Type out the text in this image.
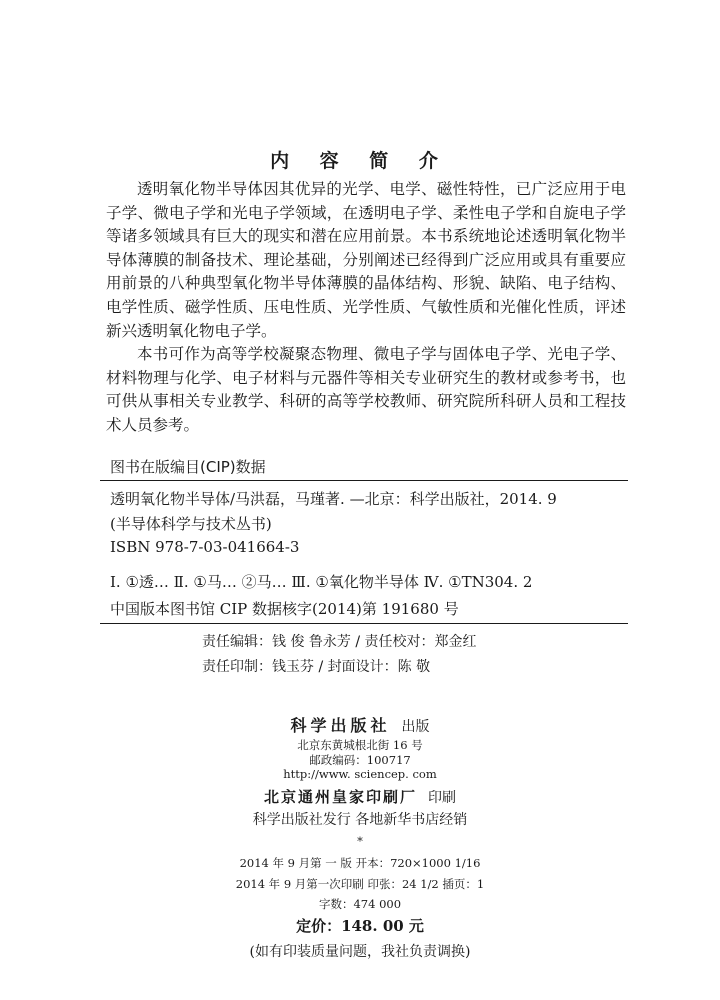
内 容 简 介

透明氧化物半导体因其优异的光学、电学、磁性特性，已广泛应用于电子学、微电子学和光电子学领域，在透明电子学、柔性电子学和自旋电子学等诸多领域具有巨大的现实和潜在应用前景。本书系统地论述透明氧化物半导体薄膜的制备技术、理论基础，分别阐述已经得到广泛应用或具有重要应用前景的八种典型氧化物半导体薄膜的晶体结构、形貌、缺陷、电子结构、电学性质、磁学性质、压电性质、光学性质、气敏性质和光催化性质，评述新兴透明氧化物电子学。

本书可作为高等学校凝聚态物理、微电子学与固体电子学、光电子学、材料物理与化学、电子材料与元器件等相关专业研究生的教材或参考书，也可供从事相关专业教学、科研的高等学校教师、研究院所科研人员和工程技术人员参考。

图书在版编目(CIP)数据
透明氧化物半导体/马洪磊，马瑾著. —北京：科学出版社，2014. 9
(半导体科学与技术丛书)
ISBN 978-7-03-041664-3
Ⅰ. ①透… Ⅱ. ①马… ②马… Ⅲ. ①氧化物半导体 Ⅳ. ①TN304. 2
中国版本图书馆 CIP 数据核字(2014)第 191680 号
责任编辑：钱 俊 鲁永芳 / 责任校对：郑金红
责任印制：钱玉芬 / 封面设计：陈 敬
科学出版社 出版
北京东黄城根北街 16 号
邮政编码：100717
http://www. sciencep. com
北京通州皇家印刷厂 印刷
科学出版社发行 各地新华书店经销
*
2014 年 9 月第 一 版 开本：720×1000 1/16
2014 年 9 月第一次印刷 印张：24 1/2 插页：1
字数：474 000
定价：148. 00 元
(如有印装质量问题，我社负责调换)
